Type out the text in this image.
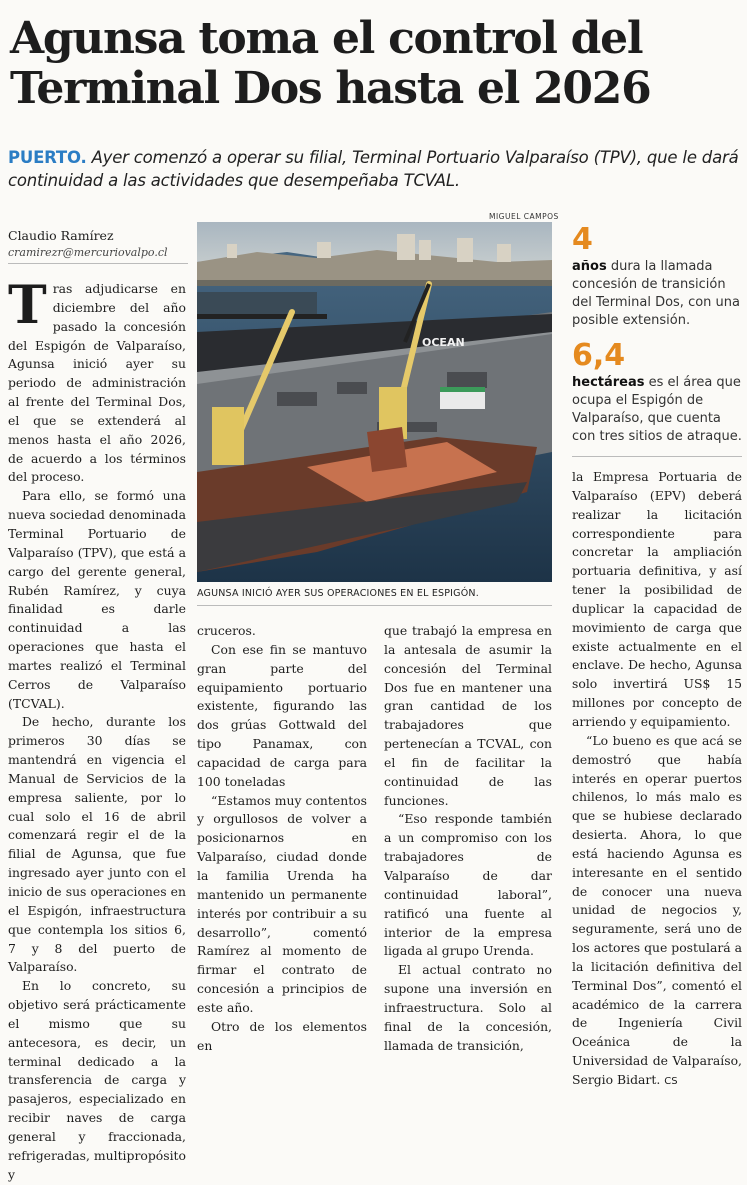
Agunsa toma el control del Terminal Dos hasta el 2026

PUERTO. Ayer comenzó a operar su filial, Terminal Portuario Valparaíso (TPV), que le dará continuidad a las actividades que desempeñaba TCVAL.

Claudio Ramírez
cramirezr@mercuriovalpo.cl

Tras adjudicarse en diciembre del año pasado la concesión del Espigón de Valparaíso, Agunsa inició ayer su periodo de administración al frente del Terminal Dos, el que se extenderá al menos hasta el año 2026, de acuerdo a los términos del proceso.

Para ello, se formó una nueva sociedad denominada Terminal Portuario de Valparaíso (TPV), que está a cargo del gerente general, Rubén Ramírez, y cuya finalidad es darle continuidad a las operaciones que hasta el martes realizó el Terminal Cerros de Valparaíso (TCVAL).

De hecho, durante los primeros 30 días se mantendrá en vigencia el Manual de Servicios de la empresa saliente, por lo cual solo el 16 de abril comenzará regir el de la filial de Agunsa, que fue ingresado ayer junto con el inicio de sus operaciones en el Espigón, infraestructura que contempla los sitios 6, 7 y 8 del puerto de Valparaíso.

En lo concreto, su objetivo será prácticamente el mismo que su antecesora, es decir, un terminal dedicado a la transferencia de carga y pasajeros, especializado en recibir naves de carga general y fraccionada, refrigeradas, multipropósito y

MIGUEL CAMPOS
OCEAN
AGUNSA INICIÓ AYER SUS OPERACIONES EN EL ESPIGÓN.
4
años dura la llamada concesión de transición del Terminal Dos, con una posible extensión.
6,4
hectáreas es el área que ocupa el Espigón de Valparaíso, que cuenta con tres sitios de atraque.

cruceros.

Con ese fin se mantuvo gran parte del equipamiento portuario existente, figurando las dos grúas Gottwald del tipo Panamax, con capacidad de carga para 100 toneladas

“Estamos muy contentos y orgullosos de volver a posicionarnos en Valparaíso, ciudad donde la familia Urenda ha mantenido un permanente interés por contribuir a su desarrollo”, comentó Ramírez al momento de firmar el contrato de concesión a principios de este año.

Otro de los elementos en

que trabajó la empresa en la antesala de asumir la concesión del Terminal Dos fue en mantener una gran cantidad de los trabajadores que pertenecían a TCVAL, con el fin de facilitar la continuidad de las funciones.

“Eso responde también a un compromiso con los trabajadores de Valparaíso de dar continuidad laboral”, ratificó una fuente al interior de la empresa ligada al grupo Urenda.

El actual contrato no supone una inversión en infraestructura. Solo al final de la concesión, llamada de transición,

la Empresa Portuaria de Valparaíso (EPV) deberá realizar la licitación correspondiente para concretar la ampliación portuaria definitiva, y así tener la posibilidad de duplicar la capacidad de movimiento de carga que existe actualmente en el enclave. De hecho, Agunsa solo invertirá US$ 15 millones por concepto de arriendo y equipamiento.

“Lo bueno es que acá se demostró que había interés en operar puertos chilenos, lo más malo es que se hubiese declarado desierta. Ahora, lo que está haciendo Agunsa es interesante en el sentido de conocer una nueva unidad de negocios y, seguramente, será uno de los actores que postulará a la licitación definitiva del Terminal Dos”, comentó el académico de la carrera de Ingeniería Civil Oceánica de la Universidad de Valparaíso, Sergio Bidart. CS
